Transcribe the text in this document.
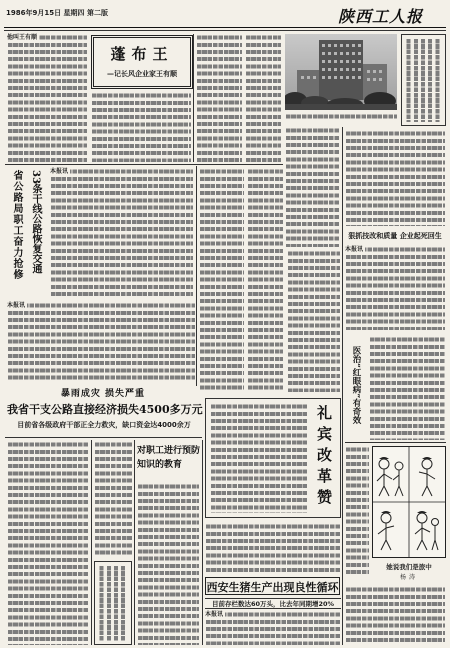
1986年9月15日 星期四 第二版	陕西工人报
他叫王有顺
蓬布王
—记长风企业家王有顺
狠抓技改和质量 企业起死回生
本报讯
省公路局职工奋力抢修 33条干线公路恢复交通	本报讯
本报讯
暴雨成灾 损失严重
我省干支公路直接经济损失4500多万元
目前省各级政府干部正全力救灾，缺口资金达4000余万	礼宾改革赞
西安生猪生产出现良性循环
目前存栏数达60万头，比去年同期增20%
本报讯
对职工进行预防知识的教育
医治“红眼病”有奇效
她说我们是旅中
杨涛
